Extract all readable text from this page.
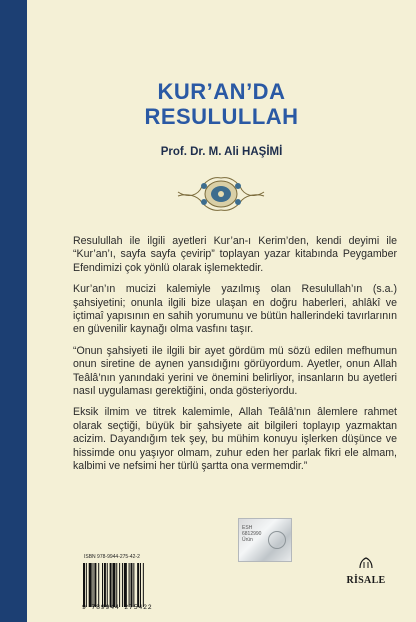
KUR’AN’DA
RESULULLAH
Prof. Dr. M. Ali HAŞİMİ

Resulullah ile ilgili ayetleri Kur’an-ı Kerim’den, kendi deyimi ile “Kur’an’ı, sayfa sayfa çevirip” toplayan yazar kitabında Peygamber Efendimizi çok yönlü olarak işlemektedir.

Kur’an’ın mucizi kalemiyle yazılmış olan Resulullah’ın (s.a.) şahsiyetini; onunla ilgili bize ulaşan en doğru haberleri, ahlâkî ve içtimaî yapısının en sahih yorumunu ve bütün hallerindeki tavırlarının en güvenilir kaynağı olma vasfını taşır.

“Onun şahsiyeti ile ilgili bir ayet gördüm mü sözü edilen mefhumun onun siretine de aynen yansıdığını görüyordum. Ayetler, onun Allah Teâlâ’nın yanındaki yerini ve önemini belirliyor, insanların bu ayetleri nasıl uygulaması gerektiğini, onda gösteriyordu.

Eksik ilmim ve titrek kalemimle, Allah Teâlâ’nın âlemlere rahmet olarak seçtiği, büyük bir şahsiyete ait bilgileri toplayıp yazmaktan acizim. Dayandığım tek şey, bu mühim konuyu işlerken düşünce ve hissimde onu yaşıyor olmam, zuhur eden her parlak fikri ele almam, kalbimi ve nefsimi her türlü şartta ona vermemdir.”

ISBN 978-9944-275-42-2
9 789944 275422
ESH
6812990
Ürün
RİSALE
